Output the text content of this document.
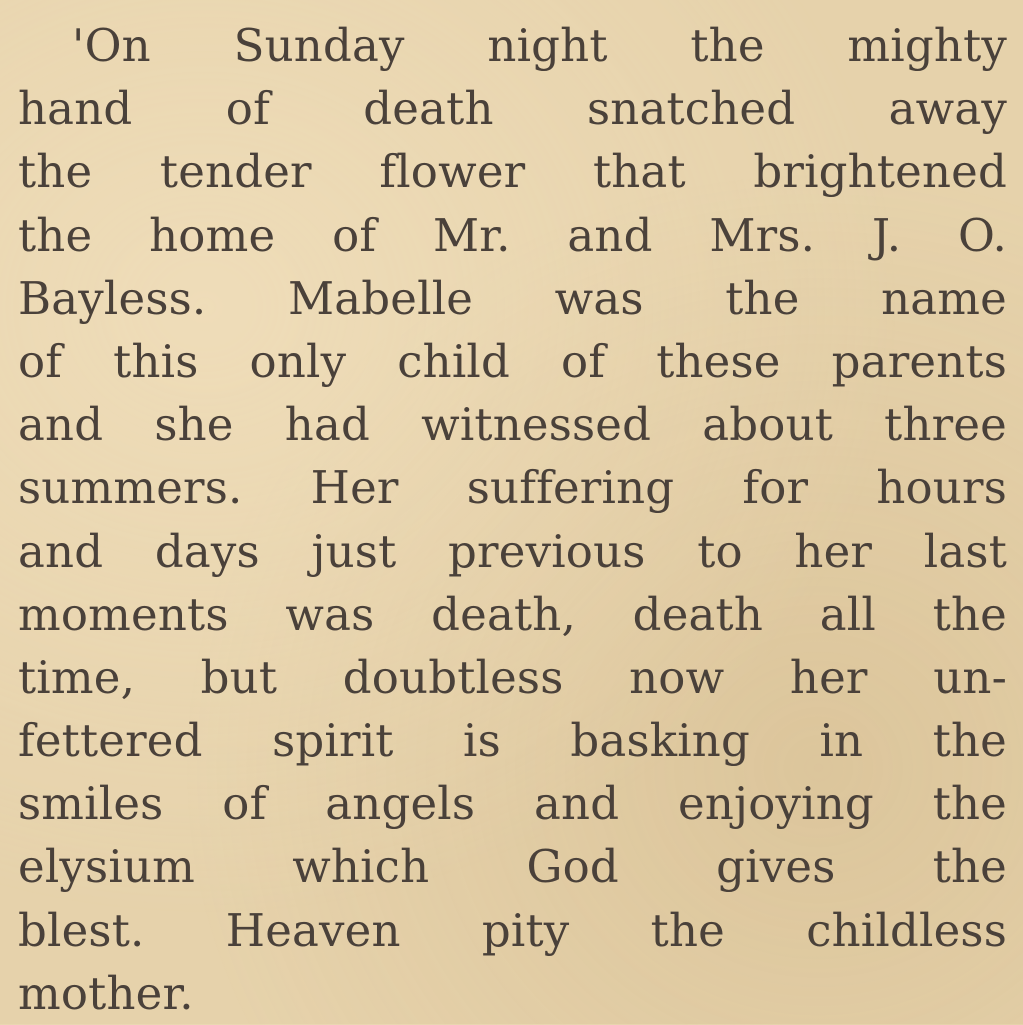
'On Sunday night the mighty
hand of death snatched away
the tender flower that brightened
the home of Mr. and Mrs. J. O.
Bayless. Mabelle was the name
of this only child of these parents
and she had witnessed about three
summers. Her suffering for hours
and days just previous to her last
moments was death, death all the
time, but doubtless now her un-
fettered spirit is basking in the
smiles of angels and enjoying the
elysium which God gives the
blest. Heaven pity the childless
mother.
